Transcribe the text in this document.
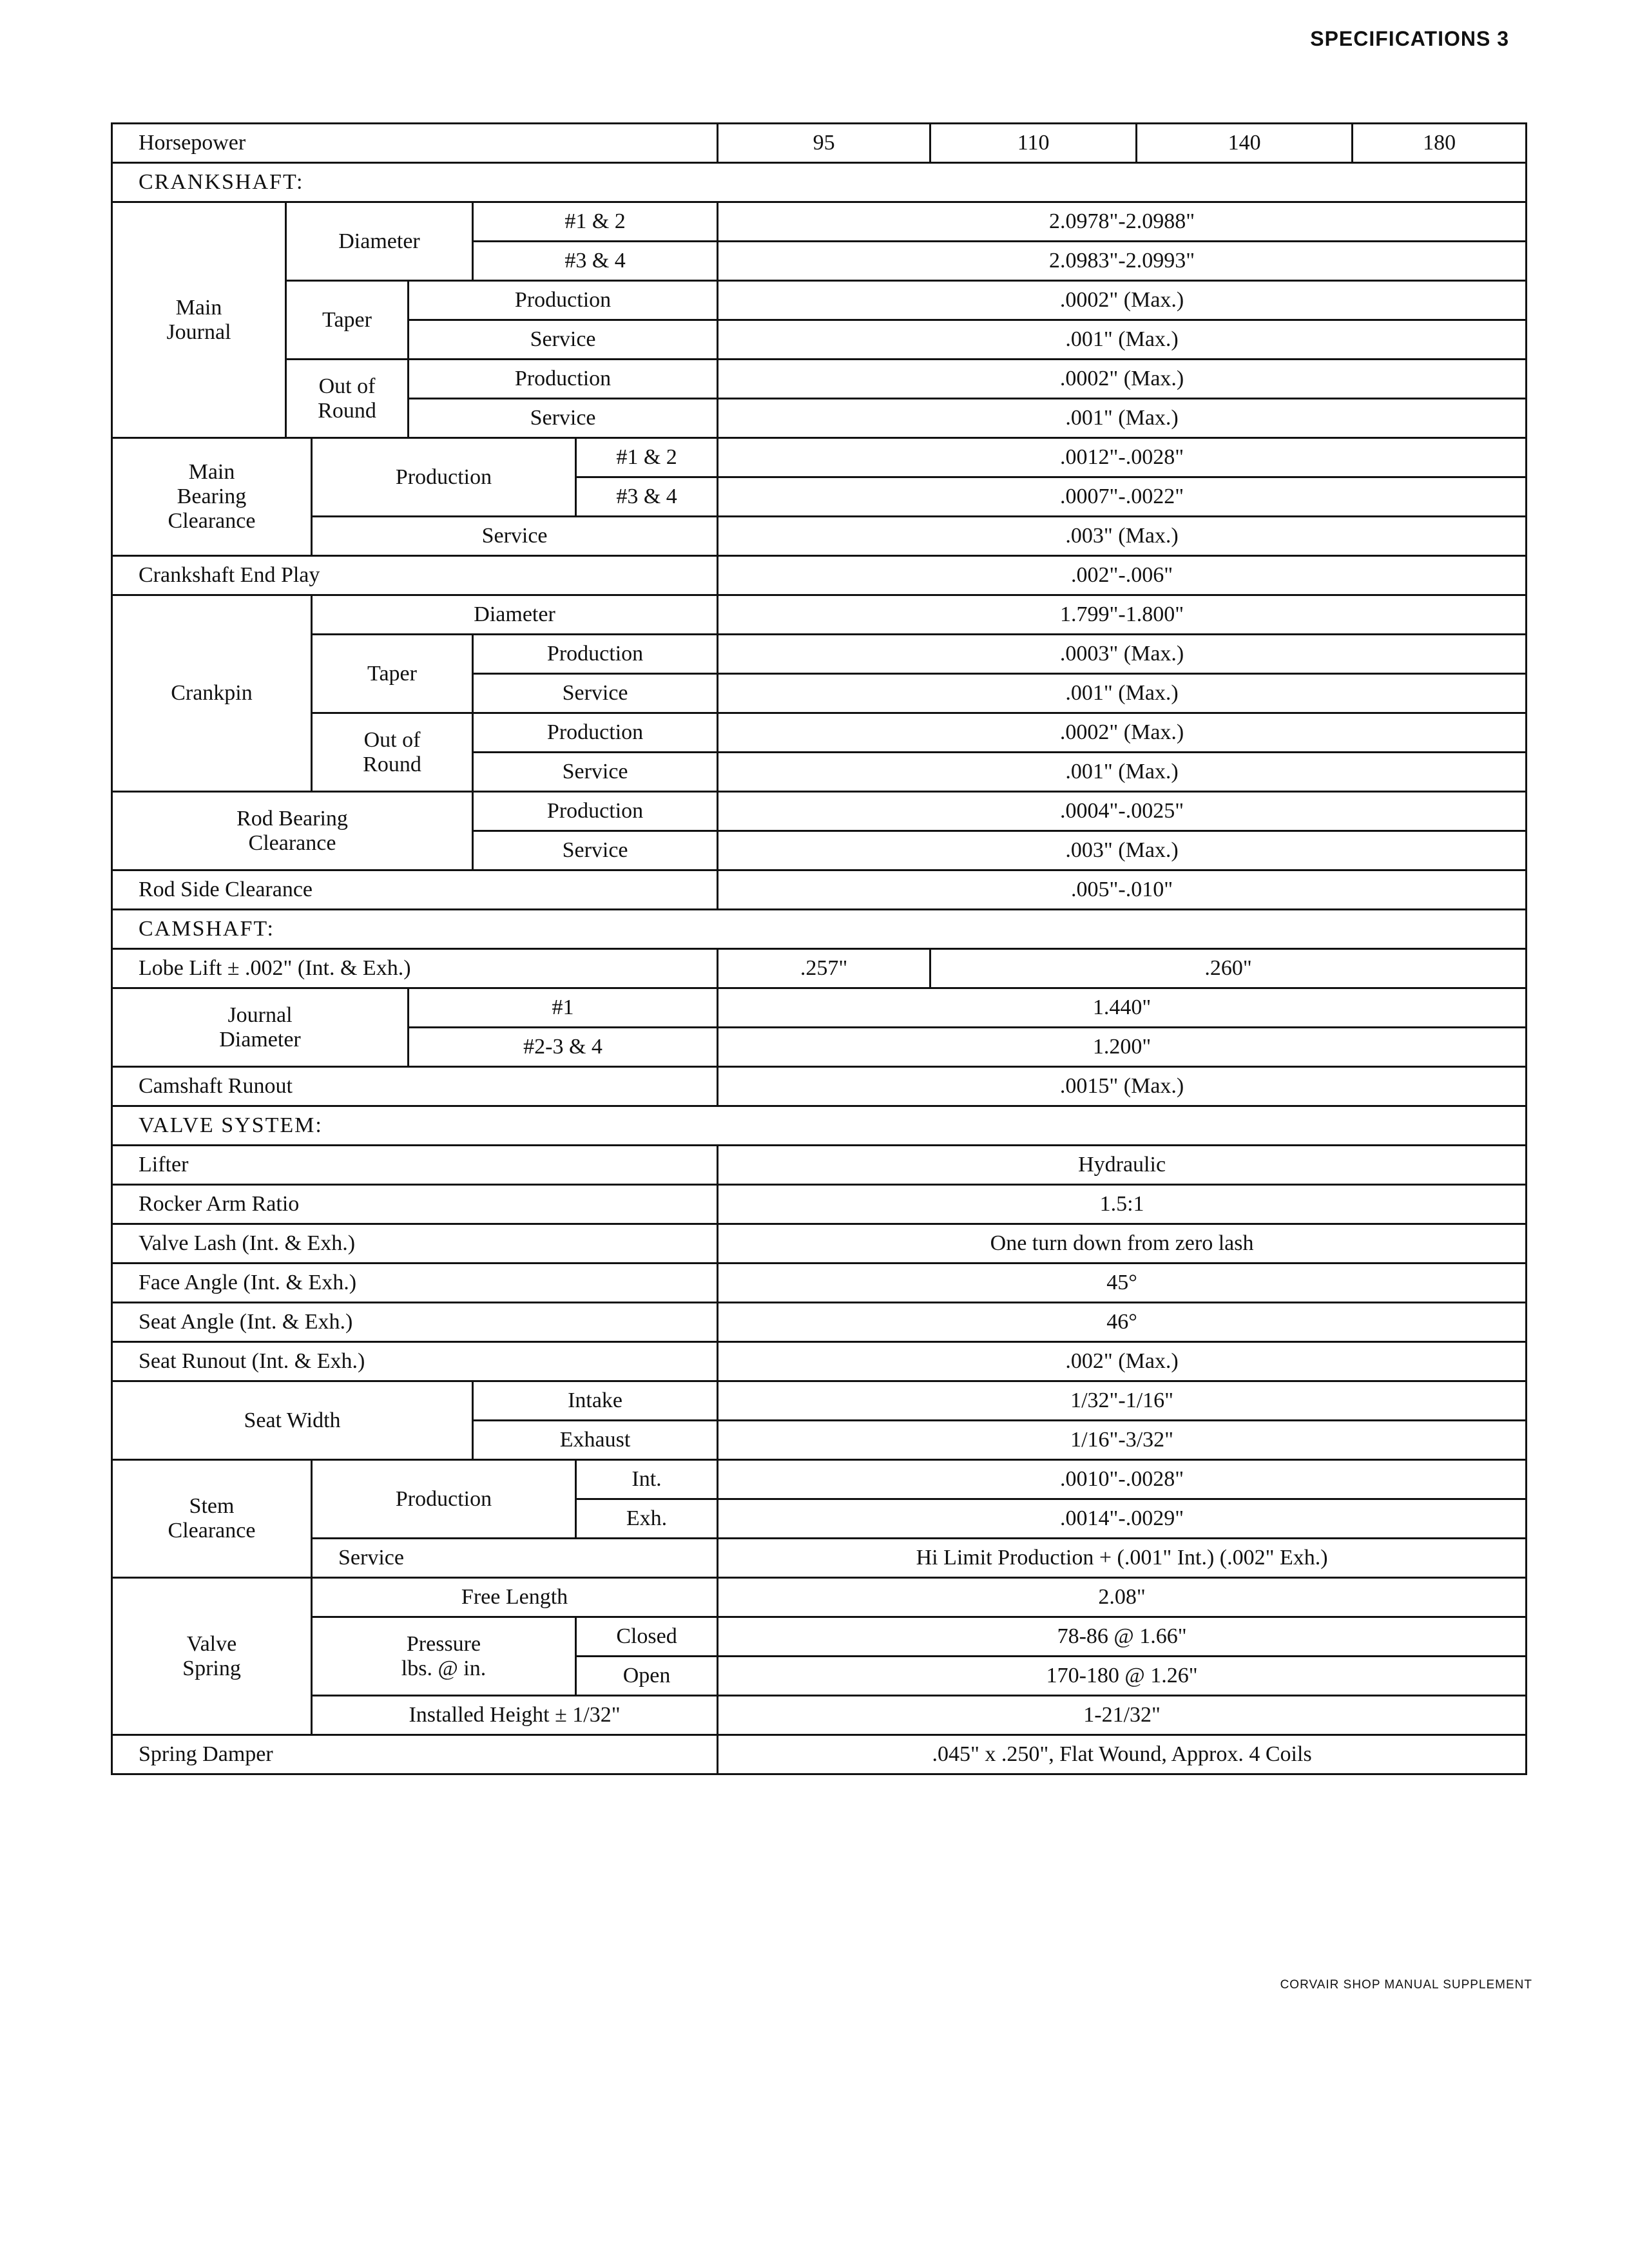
SPECIFICATIONS 3
Horsepower						95	110	140	180
CRANKSHAFT:									
Main
Journal	Diameter			#1 & 2		2.0978"-2.0988"			
				#3 & 4		2.0983"-2.0993"			
	Taper		Production			.0002" (Max.)			
			Service			.001" (Max.)			
	Out of
Round		Production			.0002" (Max.)			
			Service			.001" (Max.)			
Main
Bearing
Clearance		Production			#1 & 2	.0012"-.0028"			
					#3 & 4	.0007"-.0022"			
		Service				.003" (Max.)			
Crankshaft End Play						.002"-.006"			
Crankpin		Diameter				1.799"-1.800"			
		Taper		Production		.0003" (Max.)			
				Service		.001" (Max.)			
		Out of
Round		Production		.0002" (Max.)			
				Service		.001" (Max.)			
Rod Bearing
Clearance				Production		.0004"-.0025"			
				Service		.003" (Max.)			
Rod Side Clearance						.005"-.010"			
CAMSHAFT:									
Lobe Lift ± .002" (Int. & Exh.)						.257"	.260"		
Journal
Diameter			#1			1.440"			
			#2-3 & 4			1.200"			
Camshaft Runout						.0015" (Max.)			
VALVE SYSTEM:									
Lifter						Hydraulic			
Rocker Arm Ratio						1.5:1			
Valve Lash (Int. & Exh.)						One turn down from zero lash			
Face Angle (Int. & Exh.)						45°			
Seat Angle (Int. & Exh.)						46°			
Seat Runout (Int. & Exh.)						.002" (Max.)			
Seat Width				Intake		1/32"-1/16"			
				Exhaust		1/16"-3/32"			
Stem
Clearance		Production			Int.	.0010"-.0028"			
					Exh.	.0014"-.0029"			
		Service				Hi Limit Production + (.001" Int.) (.002" Exh.)			
Valve
Spring		Free Length				2.08"			
		Pressure
lbs. @ in.			Closed	78-86 @ 1.66"			
					Open	170-180 @ 1.26"			
		Installed Height ± 1/32"				1-21/32"			
Spring Damper						.045" x .250", Flat Wound, Approx. 4 Coils			
CORVAIR SHOP MANUAL SUPPLEMENT
